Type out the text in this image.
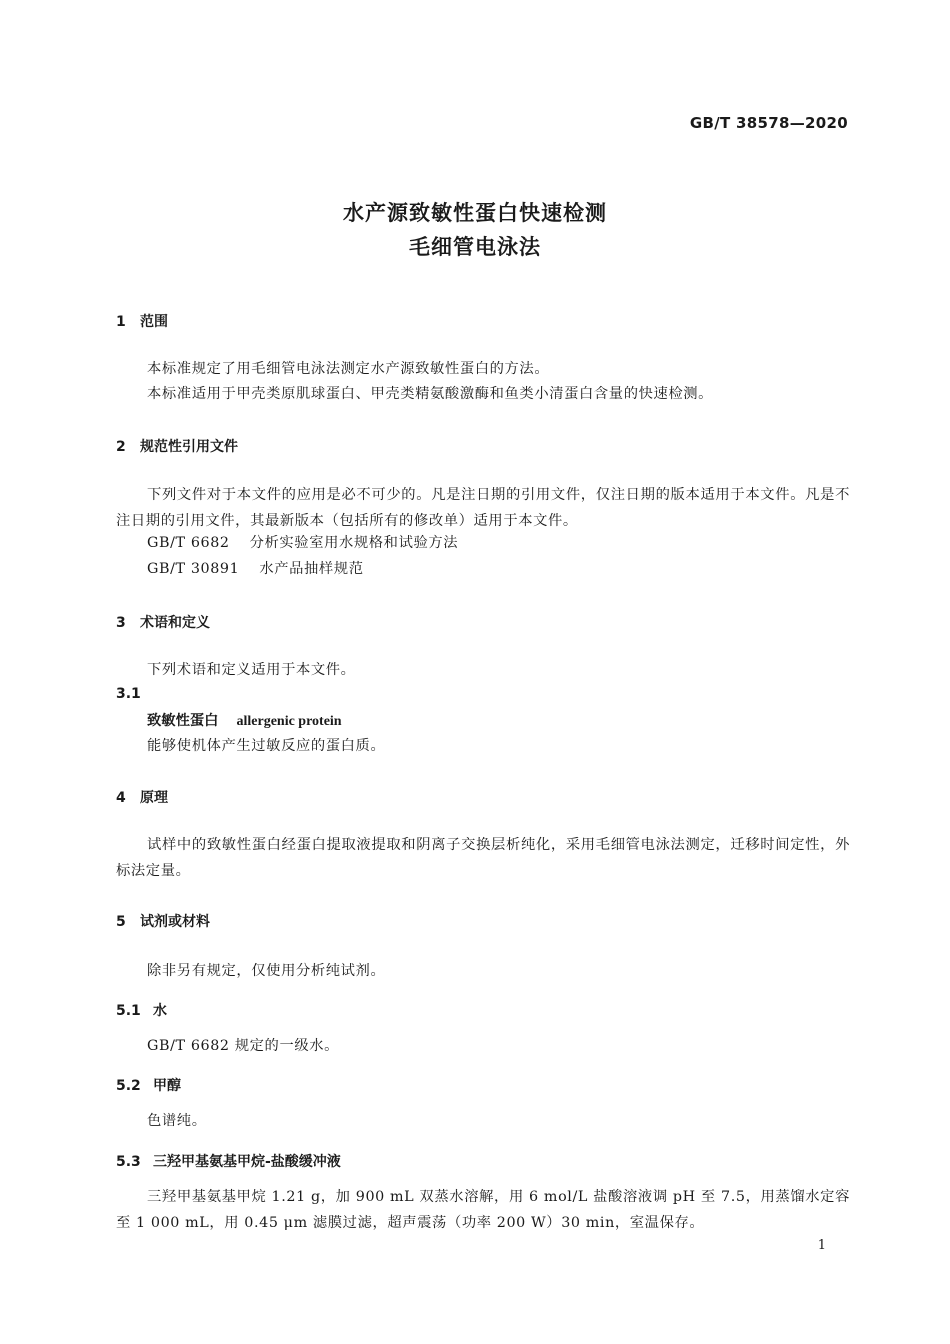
GB/T 38578—2020
水产源致敏性蛋白快速检测
毛细管电泳法
1 范围
本标准规定了用毛细管电泳法测定水产源致敏性蛋白的方法。
本标准适用于甲壳类原肌球蛋白、甲壳类精氨酸激酶和鱼类小清蛋白含量的快速检测。
2 规范性引用文件
下列文件对于本文件的应用是必不可少的。凡是注日期的引用文件，仅注日期的版本适用于本文件。凡是不注日期的引用文件，其最新版本（包括所有的修改单）适用于本文件。
GB/T 6682 分析实验室用水规格和试验方法
GB/T 30891 水产品抽样规范
3 术语和定义
下列术语和定义适用于本文件。
3.1
致敏性蛋白 allergenic protein
能够使机体产生过敏反应的蛋白质。
4 原理
试样中的致敏性蛋白经蛋白提取液提取和阴离子交换层析纯化，采用毛细管电泳法测定，迁移时间定性，外标法定量。
5 试剂或材料
除非另有规定，仅使用分析纯试剂。
5.1 水
GB/T 6682 规定的一级水。
5.2 甲醇
色谱纯。
5.3 三羟甲基氨基甲烷-盐酸缓冲液
三羟甲基氨基甲烷 1.21 g，加 900 mL 双蒸水溶解，用 6 mol/L 盐酸溶液调 pH 至 7.5，用蒸馏水定容至 1 000 mL，用 0.45 μm 滤膜过滤，超声震荡（功率 200 W）30 min，室温保存。
1
